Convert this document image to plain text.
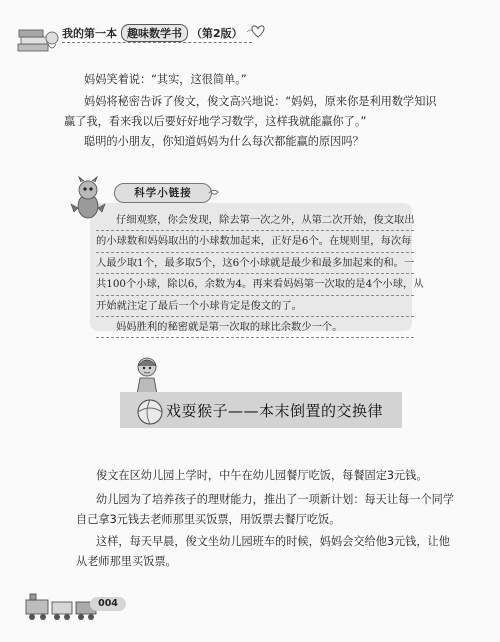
我的第一本 趣味数学书 （第2版）
妈妈笑着说：“其实，这很简单。”
妈妈将秘密告诉了俊文，俊文高兴地说：“妈妈，原来你是利用数学知识
赢了我，看来我以后要好好地学习数学，这样我就能赢你了。”
聪明的小朋友，你知道妈妈为什么每次都能赢的原因吗？
科学小链接
仔细观察，你会发现，除去第一次之外，从第二次开始，俊文取出
的小球数和妈妈取出的小球数加起来，正好是6个。在规则里，每次每
人最少取1个，最多取5个，这6个小球就是最少和最多加起来的和。一
共100个小球，除以6，余数为4。再来看妈妈第一次取的是4个小球，从
开始就注定了最后一个小球肯定是俊文的了。
妈妈胜利的秘密就是第一次取的球比余数少一个。
戏耍猴子——本末倒置的交换律
俊文在区幼儿园上学时，中午在幼儿园餐厅吃饭，每餐固定3元钱。
幼儿园为了培养孩子的理财能力，推出了一项新计划：每天让每一个同学
自己拿3元钱去老师那里买饭票，用饭票去餐厅吃饭。
这样，每天早晨，俊文坐幼儿园班车的时候，妈妈会交给他3元钱，让他
从老师那里买饭票。
004
